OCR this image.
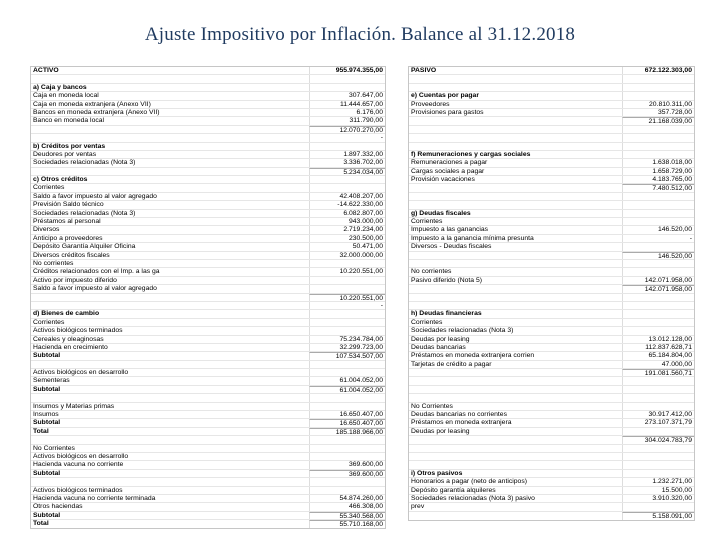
Ajuste Impositivo por Inflación. Balance al 31.12.2018
ACTIVO	955.974.355,00
a) Caja y bancos
Caja en moneda local	307.647,00
Caja en moneda extranjera (Anexo VII)	11.444.657,00
Bancos en moneda extranjera (Anexo VII)	6.176,00
Banco en moneda local	311.790,00
12.070.270,00
-
b) Créditos por ventas
Deudores por ventas	1.897.332,00
Sociedades relacionadas (Nota 3)	3.336.702,00
5.234.034,00
c) Otros créditos
Corrientes
Saldo a favor impuesto al valor agregado	42.408.207,00
Previsión Saldo técnico	-14.622.330,00
Sociedades relacionadas (Nota 3)	6.082.807,00
Préstamos al personal	943.000,00
Diversos	2.719.234,00
Anticipo a proveedores	230.500,00
Depósito Garantía Alquiler Oficina	50.471,00
Diversos créditos fiscales	32.000.000,00
No corrientes
Créditos relacionados con el Imp. a las ga	10.220.551,00
Activo por impuesto diferido
Saldo a favor impuesto al valor agregado
10.220.551,00
-
d) Bienes de cambio
Corrientes
Activos biológicos terminados
Cereales y oleaginosas	75.234.784,00
Hacienda en crecimiento	32.299.723,00
Subtotal	107.534.507,00
Activos biológicos en desarrollo
Sementeras	61.004.052,00
Subtotal	61.004.052,00
Insumos y Materias primas
Insumos	16.650.407,00
Subtotal	16.650.407,00
Total	185.188.966,00
No Corrientes
Activos biológicos en desarrollo
Hacienda vacuna no corriente	369.600,00
Subtotal	369.600,00
Activos biológicos terminados
Hacienda vacuna no corriente terminada	54.874.260,00
Otros haciendas	466.308,00
Subtotal	55.340.568,00
Total	55.710.168,00
PASIVO	672.122.303,00
e) Cuentas por pagar
Proveedores	20.810.311,00
Provisiones para gastos	357.728,00
21.168.039,00
f) Remuneraciones y cargas sociales
Remuneraciones a pagar	1.638.018,00
Cargas sociales a pagar	1.658.729,00
Provisión vacaciones	4.183.765,00
7.480.512,00
g) Deudas fiscales
Corrientes
Impuesto a las ganancias	146.520,00
Impuesto a la ganancia mínima presunta	-
Diversos - Deudas fiscales
146.520,00
No corrientes
Pasivo diferido (Nota 5)	142.071.958,00
142.071.958,00
h) Deudas financieras
Corrientes
Sociedades relacionadas (Nota 3)
Deudas por leasing	13.012.128,00
Deudas bancarias	112.837.628,71
Préstamos en moneda extranjera corrien	65.184.804,00
Tarjetas de crédito a pagar	47.000,00
191.081.560,71
No Corrientes
Deudas bancarias no corrientes	30.917.412,00
Préstamos en moneda extranjera	273.107.371,79
Deudas por leasing
304.024.783,79
i) Otros pasivos
Honorarios a pagar (neto de anticipos)	1.232.271,00
Depósito garantía alquileres	15.500,00
Sociedades relacionadas (Nota 3) pasivo	3.910.320,00
prev
5.158.091,00
